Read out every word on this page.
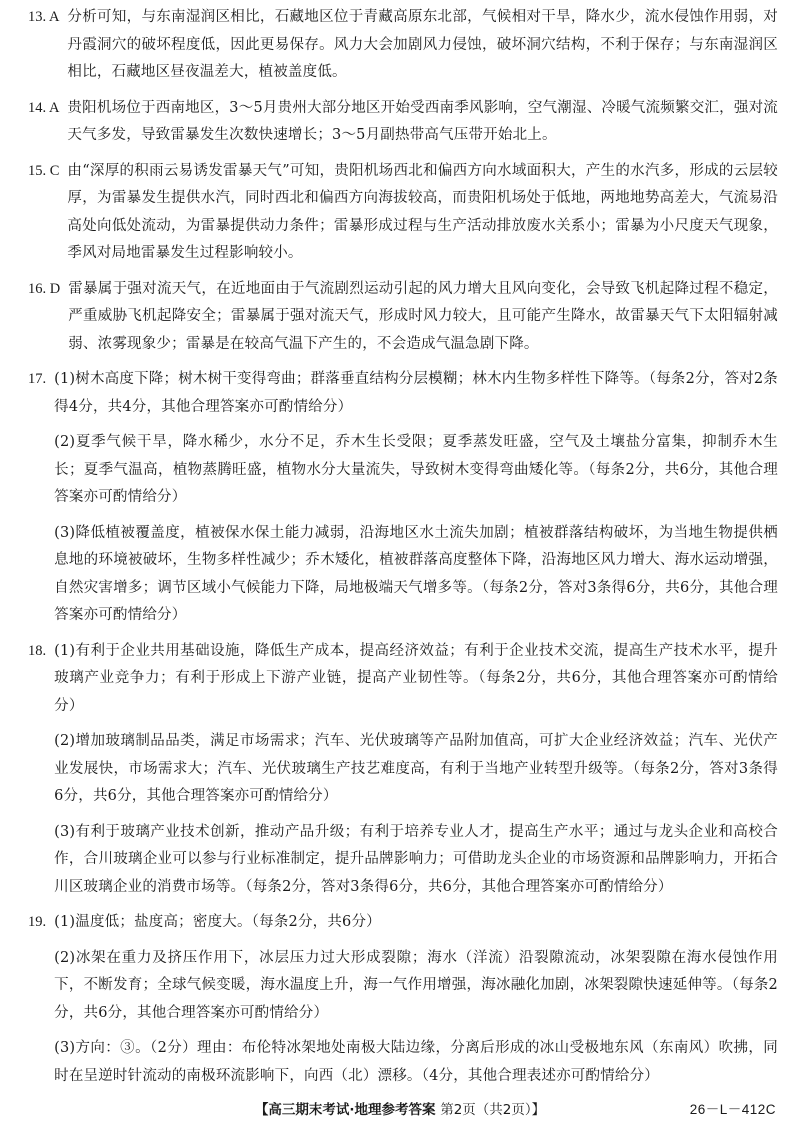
13. A 分析可知，与东南湿润区相比，石藏地区位于青藏高原东北部，气候相对干旱，降水少，流水侵蚀作用弱，对丹霞洞穴的破坏程度低，因此更易保存。风力大会加剧风力侵蚀，破坏洞穴结构，不利于保存；与东南湿润区相比，石藏地区昼夜温差大，植被盖度低。
14. A 贵阳机场位于西南地区，3～5月贵州大部分地区开始受西南季风影响，空气潮湿、冷暖气流频繁交汇，强对流天气多发，导致雷暴发生次数快速增长；3～5月副热带高气压带开始北上。
15. C 由“深厚的积雨云易诱发雷暴天气”可知，贵阳机场西北和偏西方向水域面积大，产生的水汽多，形成的云层较厚，为雷暴发生提供水汽，同时西北和偏西方向海拔较高，而贵阳机场处于低地，两地地势高差大，气流易沿高处向低处流动，为雷暴提供动力条件；雷暴形成过程与生产活动排放废水关系小；雷暴为小尺度天气现象，季风对局地雷暴发生过程影响较小。
16. D 雷暴属于强对流天气，在近地面由于气流剧烈运动引起的风力增大且风向变化，会导致飞机起降过程不稳定，严重威胁飞机起降安全；雷暴属于强对流天气，形成时风力较大，且可能产生降水，故雷暴天气下太阳辐射减弱、浓雾现象少；雷暴是在较高气温下产生的，不会造成气温急剧下降。
17. (1)树木高度下降；树木树干变得弯曲；群落垂直结构分层模糊；林木内生物多样性下降等。（每条2分，答对2条得4分，共4分，其他合理答案亦可酌情给分）
(2)夏季气候干旱，降水稀少，水分不足，乔木生长受限；夏季蒸发旺盛，空气及土壤盐分富集，抑制乔木生长；夏季气温高，植物蒸腾旺盛，植物水分大量流失，导致树木变得弯曲矮化等。（每条2分，共6分，其他合理答案亦可酌情给分）
(3)降低植被覆盖度，植被保水保土能力减弱，沿海地区水土流失加剧；植被群落结构破坏，为当地生物提供栖息地的环境被破坏，生物多样性减少；乔木矮化，植被群落高度整体下降，沿海地区风力增大、海水运动增强，自然灾害增多；调节区域小气候能力下降，局地极端天气增多等。（每条2分，答对3条得6分，共6分，其他合理答案亦可酌情给分）
18. (1)有利于企业共用基础设施，降低生产成本，提高经济效益；有利于企业技术交流，提高生产技术水平，提升玻璃产业竞争力；有利于形成上下游产业链，提高产业韧性等。（每条2分，共6分，其他合理答案亦可酌情给分）
(2)增加玻璃制品品类，满足市场需求；汽车、光伏玻璃等产品附加值高，可扩大企业经济效益；汽车、光伏产业发展快，市场需求大；汽车、光伏玻璃生产技艺难度高，有利于当地产业转型升级等。（每条2分，答对3条得6分，共6分，其他合理答案亦可酌情给分）
(3)有利于玻璃产业技术创新，推动产品升级；有利于培养专业人才，提高生产水平；通过与龙头企业和高校合作，合川玻璃企业可以参与行业标准制定，提升品牌影响力；可借助龙头企业的市场资源和品牌影响力，开拓合川区玻璃企业的消费市场等。（每条2分，答对3条得6分，共6分，其他合理答案亦可酌情给分）
19. (1)温度低；盐度高；密度大。（每条2分，共6分）
(2)冰架在重力及挤压作用下，冰层压力过大形成裂隙；海水（洋流）沿裂隙流动，冰架裂隙在海水侵蚀作用下，不断发育；全球气候变暖，海水温度上升，海一气作用增强，海冰融化加剧，冰架裂隙快速延伸等。（每条2分，共6分，其他合理答案亦可酌情给分）
(3)方向：③。（2分）理由：布伦特冰架地处南极大陆边缘，分离后形成的冰山受极地东风（东南风）吹拂，同时在呈逆时针流动的南极环流影响下，向西（北）漂移。（4分，其他合理表述亦可酌情给分）
【高三期末考试·地理参考答案 第2页（共2页）】	26－L－412C
